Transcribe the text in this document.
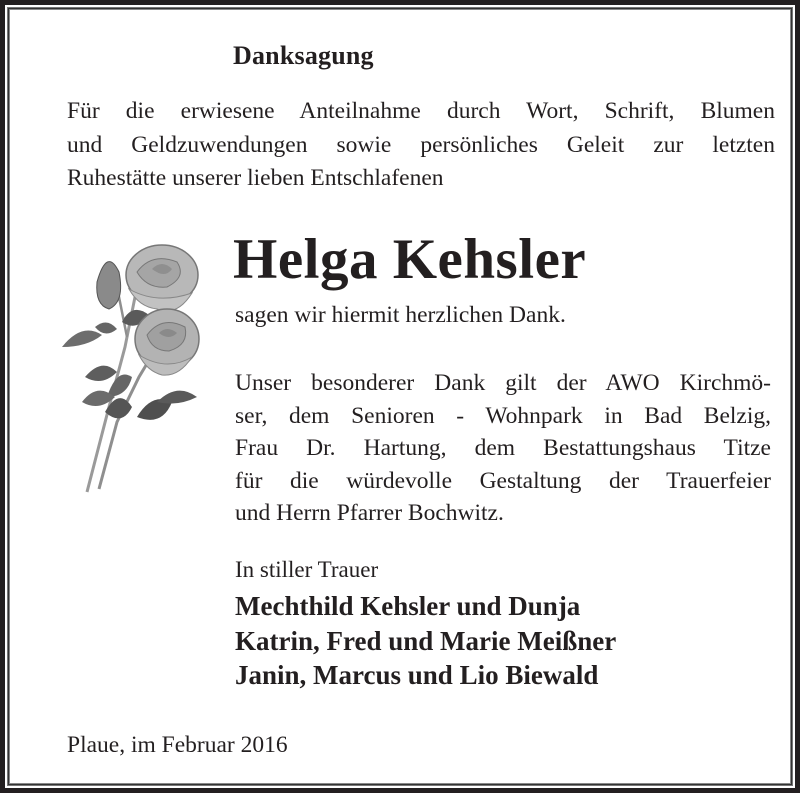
Danksagung
Für die erwiesene Anteilnahme durch Wort, Schrift, Blumen
und Geldzuwendungen sowie persönliches Geleit zur letzten
Ruhestätte unserer lieben Entschlafenen
Helga Kehsler
sagen wir hiermit herzlichen Dank.
Unser besonderer Dank gilt der AWO Kirchmö-
ser, dem Senioren - Wohnpark in Bad Belzig,
Frau Dr. Hartung, dem Bestattungshaus Titze
für die würdevolle Gestaltung der Trauerfeier
und Herrn Pfarrer Bochwitz.
In stiller Trauer
Mechthild Kehsler und Dunja
Katrin, Fred und Marie Meißner
Janin, Marcus und Lio Biewald
Plaue, im Februar 2016
